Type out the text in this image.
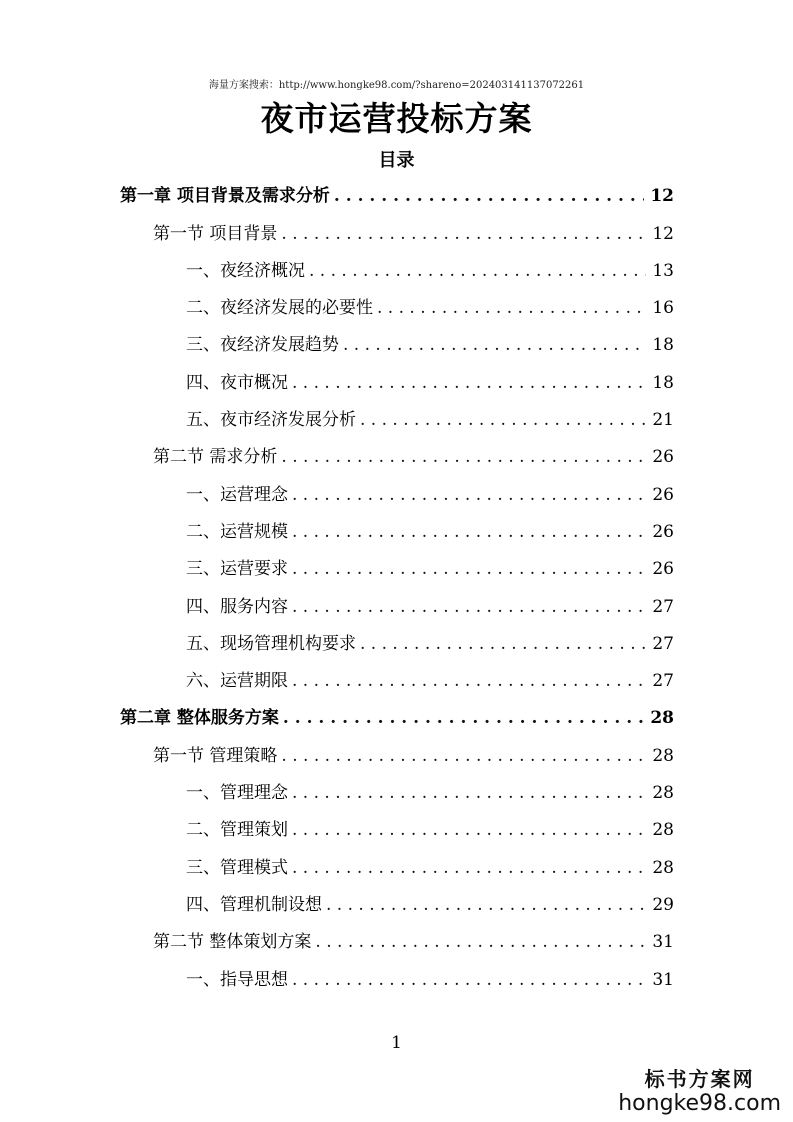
海量方案搜索：http://www.hongke98.com/?shareno=202403141137072261
夜市运营投标方案
目录
第一章 项目背景及需求分析 . . .	12
第一节 项目背景 . . .	12
一、夜经济概况 . . .	13
二、夜经济发展的必要性 . . .	16
三、夜经济发展趋势 . . .	18
四、夜市概况 . . .	18
五、夜市经济发展分析 . . .	21
第二节 需求分析 . . .	26
一、运营理念 . . .	26
二、运营规模 . . .	26
三、运营要求 . . .	26
四、服务内容 . . .	27
五、现场管理机构要求 . . .	27
六、运营期限 . . .	27
第二章 整体服务方案 . . .	28
第一节 管理策略 . . .	28
一、管理理念 . . .	28
二、管理策划 . . .	28
三、管理模式 . . .	28
四、管理机制设想 . . .	29
第二节 整体策划方案 . . .	31
一、指导思想 . . .	31
1
标书方案网
hongke98.com
